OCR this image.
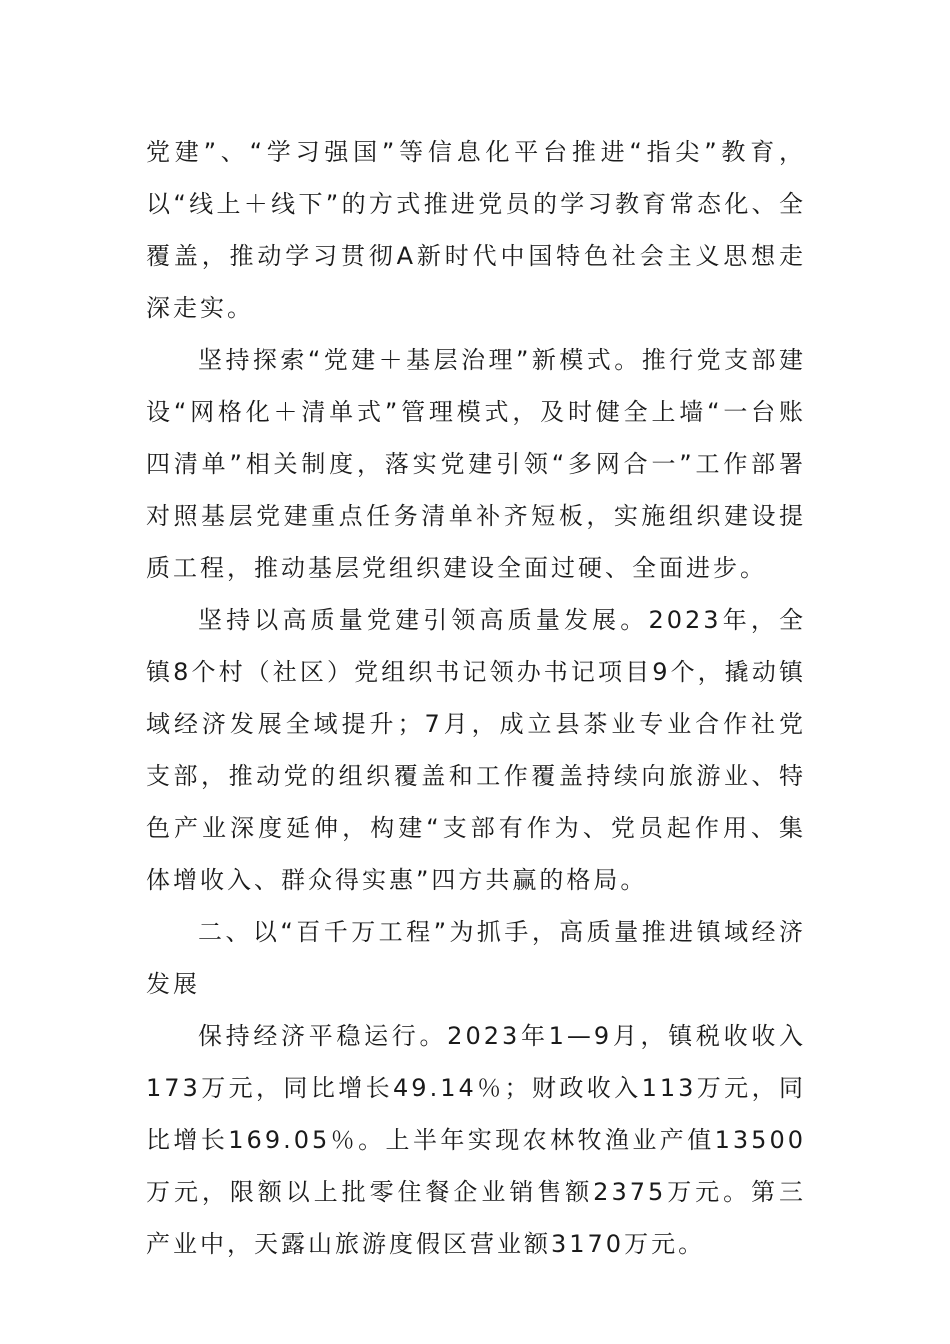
党建”、“学习强国”等信息化平台推进“指尖”教育，以“线上＋线下”的方式推进党员的学习教育常态化、全覆盖，推动学习贯彻A新时代中国特色社会主义思想走深走实。

坚持探索“党建＋基层治理”新模式。推行党支部建设“网格化＋清单式”管理模式，及时健全上墙“一台账四清单”相关制度，落实党建引领“多网合一”工作部署对照基层党建重点任务清单补齐短板，实施组织建设提质工程，推动基层党组织建设全面过硬、全面进步。

坚持以高质量党建引领高质量发展。2023年，全镇8个村（社区）党组织书记领办书记项目9个，撬动镇域经济发展全域提升；7月，成立县茶业专业合作社党支部，推动党的组织覆盖和工作覆盖持续向旅游业、特色产业深度延伸，构建“支部有作为、党员起作用、集体增收入、群众得实惠”四方共赢的格局。

二、以“百千万工程”为抓手，高质量推进镇域经济发展

保持经济平稳运行。2023年1—9月，镇税收收入173万元，同比增长49.14％；财政收入113万元，同比增长169.05％。上半年实现农林牧渔业产值13500万元，限额以上批零住餐企业销售额2375万元。第三产业中，天露山旅游度假区营业额3170万元。
